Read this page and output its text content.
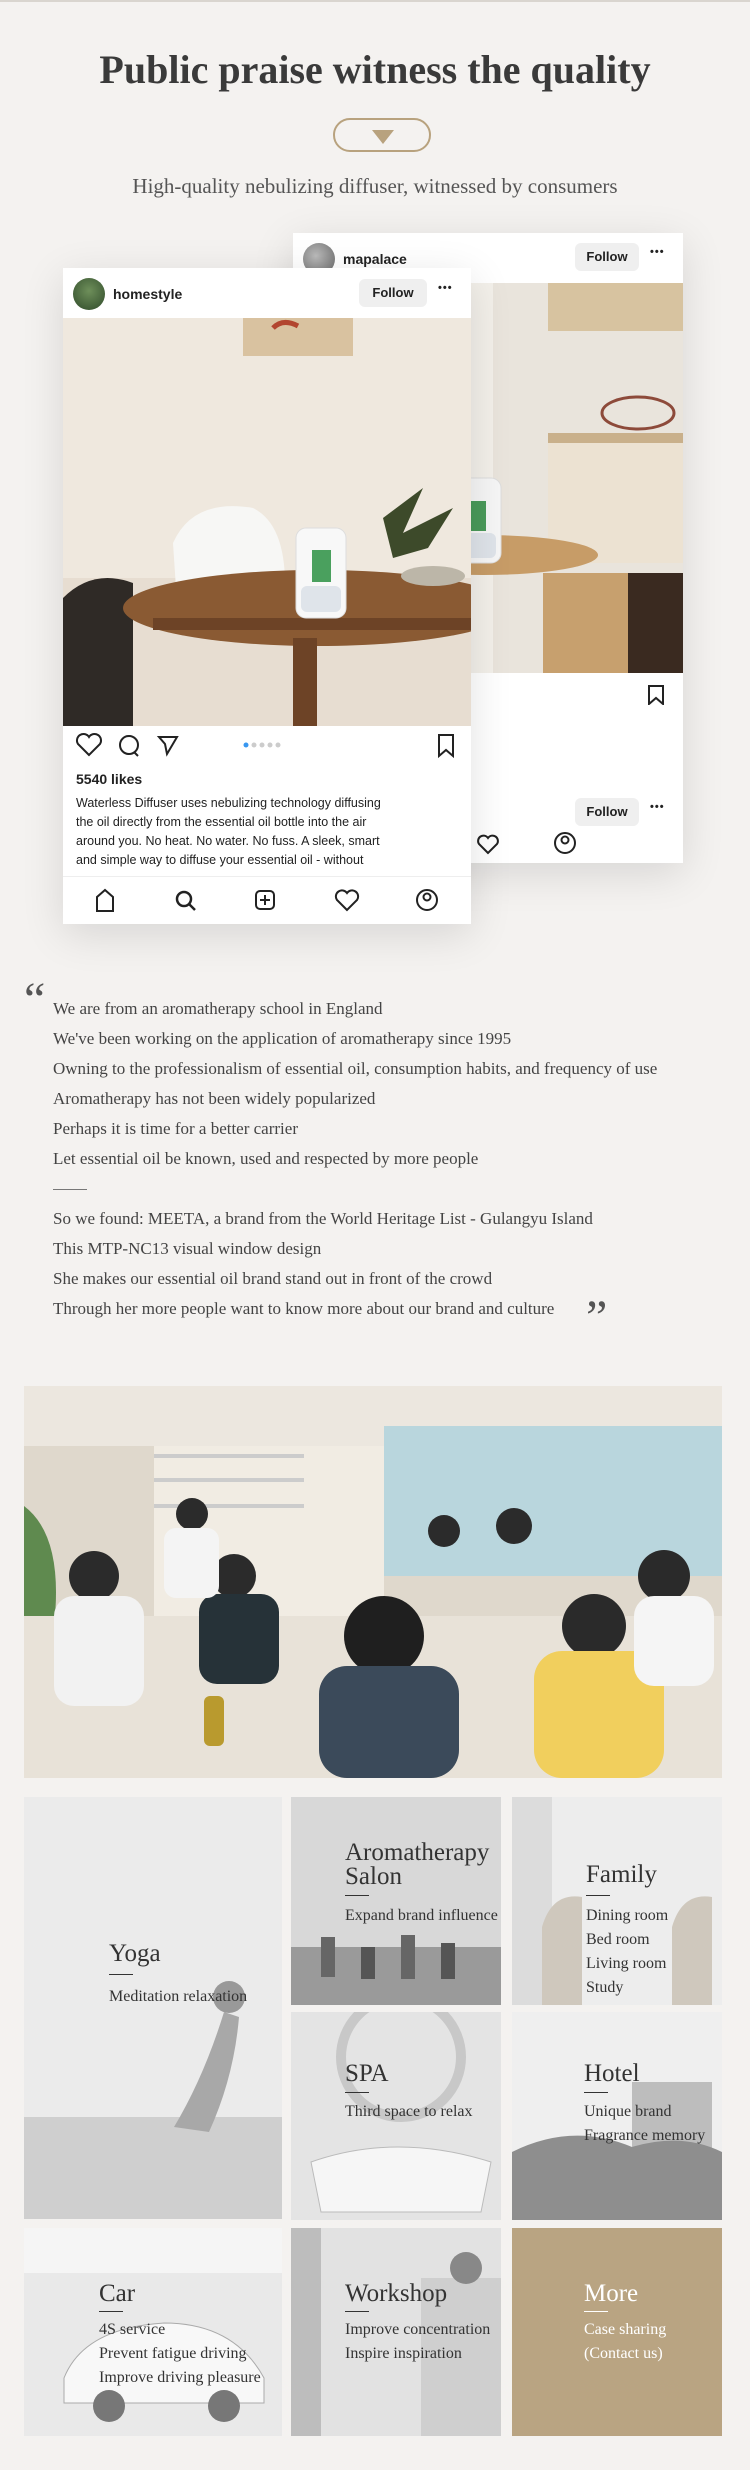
Public praise witness the quality
High-quality nebulizing diffuser, witnessed by consumers
mapalace	Follow	•••
Follow	•••
homestyle	Follow	•••
5540 likes
Waterless Diffuser uses nebulizing technology diffusing
the oil directly from the essential oil bottle into the air
around you. No heat. No water. No fuss. A sleek, smart
and simple way to diffuse your essential oil - without
“ We are from an aromatherapy school in England
We've been working on the application of aromatherapy since 1995
Owning to the professionalism of essential oil, consumption habits, and frequency of use
Aromatherapy has not been widely popularized
Perhaps it is time for a better carrier
Let essential oil be known, used and respected by more people
So we found: MEETA, a brand from the World Heritage List - Gulangyu Island
This MTP-NC13 visual window design
She makes our essential oil brand stand out in front of the crowd
Through her more people want to know more about our brand and culture ”
Yoga
Meditation relaxation
Aromatherapy
Salon
Expand brand influence
Family
Dining room
Bed room
Living room
Study
SPA
Third space to relax
Hotel
Unique brand
Fragrance memory
Car
4S service
Prevent fatigue driving
Improve driving pleasure
Workshop
Improve concentration
Inspire inspiration
More
Case sharing
(Contact us)
